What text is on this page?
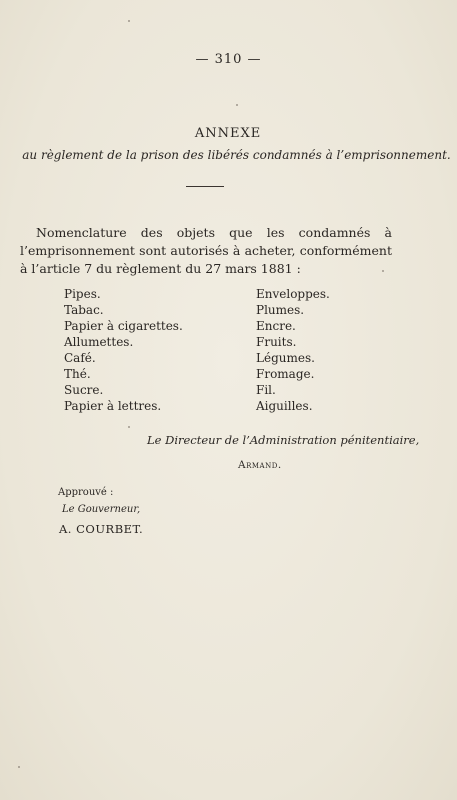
— 310 —
ANNEXE
au règlement de la prison des libérés condamnés à l’emprisonnement.
Nomenclature des objets que les condamnés à l’emprisonnement sont autorisés à acheter, conformément à l’article 7 du règlement du 27 mars 1881 :
Pipes.
Tabac.
Papier à cigarettes.
Allumettes.
Café.
Thé.
Sucre.
Papier à lettres.
Enveloppes.
Plumes.
Encre.
Fruits.
Légumes.
Fromage.
Fil.
Aiguilles.
Le Directeur de l’Administration pénitentiaire,
Armand.
Approuvé :
Le Gouverneur,
A. COURBET.
